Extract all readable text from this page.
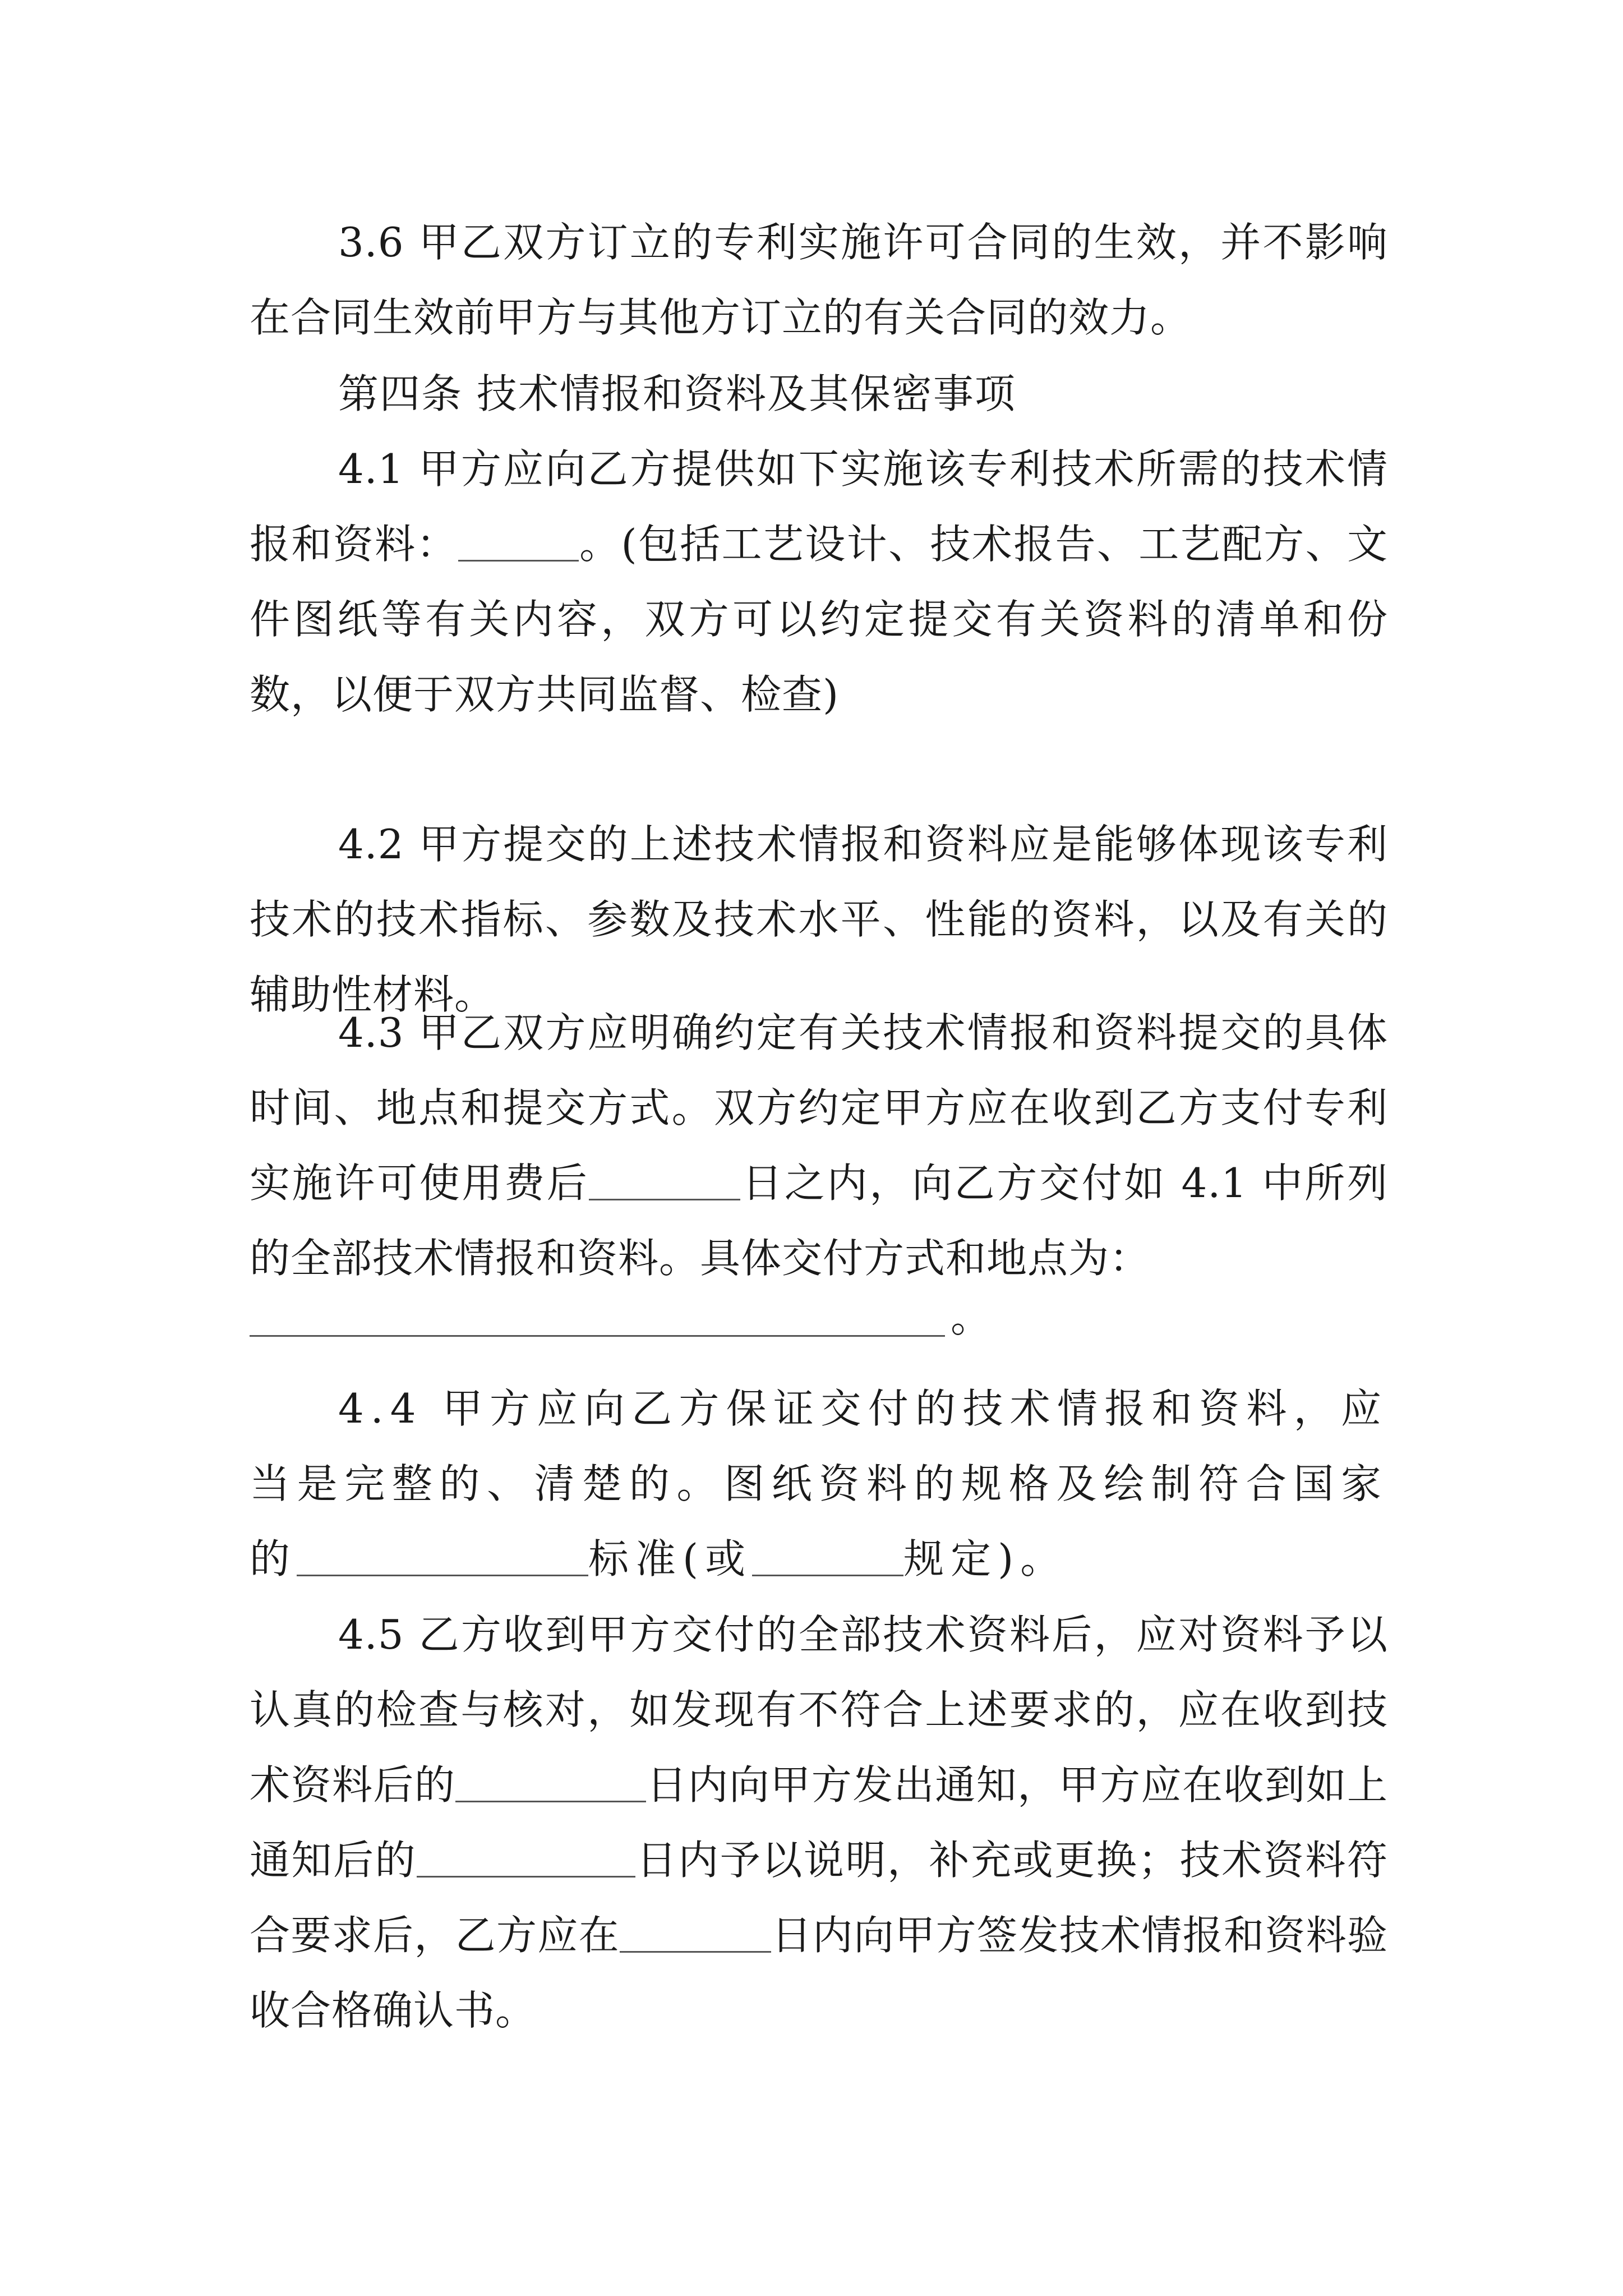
3.6 甲乙双方订立的专利实施许可合同的生效，并不影响在合同生效前甲方与其他方订立的有关合同的效力。
第四条 技术情报和资料及其保密事项
4.1 甲方应向乙方提供如下实施该专利技术所需的技术情报和资料：	。(包括工艺设计、技术报告、工艺配方、文件图纸等有关内容，双方可以约定提交有关资料的清单和份数，以便于双方共同监督、检查)
4.2 甲方提交的上述技术情报和资料应是能够体现该专利技术的技术指标、参数及技术水平、性能的资料，以及有关的辅助性材料。
4.3 甲乙双方应明确约定有关技术情报和资料提交的具体时间、地点和提交方式。双方约定甲方应在收到乙方支付专利实施许可使用费后	日之内，向乙方交付如 4.1 中所列的全部技术情报和资料。具体交付方式和地点为：
。
4.4 甲方应向乙方保证交付的技术情报和资料，应当是完整的、清楚的。图纸资料的规格及绘制符合国家的	标准(或	规定)。
4.5 乙方收到甲方交付的全部技术资料后，应对资料予以认真的检查与核对，如发现有不符合上述要求的，应在收到技术资料后的	日内向甲方发出通知，甲方应在收到如上通知后的	日内予以说明，补充或更换；技术资料符合要求后，乙方应在	日内向甲方签发技术情报和资料验收合格确认书。
